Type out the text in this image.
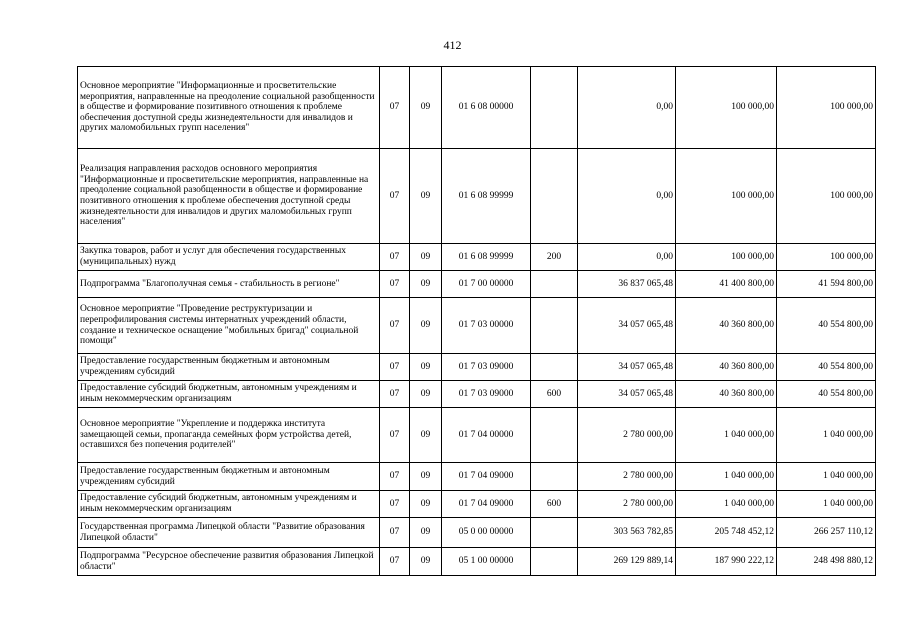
412
Основное мероприятие "Информационные и просветительские мероприятия, направленные на преодоление социальной разобщенности в обществе и формирование позитивного отношения к проблеме обеспечения доступной среды жизнедеятельности для инвалидов и других маломобильных групп населения"	07	09	01 6 08 00000		0,00	100 000,00	100 000,00
Реализация направления расходов основного мероприятия "Информационные и просветительские мероприятия, направленные на преодоление социальной разобщенности в обществе и формирование позитивного отношения к проблеме обеспечения доступной среды жизнедеятельности для инвалидов и других маломобильных групп населения"	07	09	01 6 08 99999		0,00	100 000,00	100 000,00
Закупка товаров, работ и услуг для обеспечения государственных (муниципальных) нужд	07	09	01 6 08 99999	200	0,00	100 000,00	100 000,00
Подпрограмма "Благополучная семья - стабильность в регионе"	07	09	01 7 00 00000		36 837 065,48	41 400 800,00	41 594 800,00
Основное мероприятие "Проведение реструктуризации и перепрофилирования системы интернатных учреждений области, создание и техническое оснащение "мобильных бригад" социальной помощи"	07	09	01 7 03 00000		34 057 065,48	40 360 800,00	40 554 800,00
Предоставление государственным бюджетным и автономным учреждениям субсидий	07	09	01 7 03 09000		34 057 065,48	40 360 800,00	40 554 800,00
Предоставление субсидий бюджетным, автономным учреждениям и иным некоммерческим организациям	07	09	01 7 03 09000	600	34 057 065,48	40 360 800,00	40 554 800,00
Основное мероприятие "Укрепление и поддержка института замещающей семьи, пропаганда семейных форм устройства детей, оставшихся без попечения родителей"	07	09	01 7 04 00000		2 780 000,00	1 040 000,00	1 040 000,00
Предоставление государственным бюджетным и автономным учреждениям субсидий	07	09	01 7 04 09000		2 780 000,00	1 040 000,00	1 040 000,00
Предоставление субсидий бюджетным, автономным учреждениям и иным некоммерческим организациям	07	09	01 7 04 09000	600	2 780 000,00	1 040 000,00	1 040 000,00
Государственная программа Липецкой области "Развитие образования Липецкой области"	07	09	05 0 00 00000		303 563 782,85	205 748 452,12	266 257 110,12
Подпрограмма "Ресурсное обеспечение развития образования Липецкой области"	07	09	05 1 00 00000		269 129 889,14	187 990 222,12	248 498 880,12
